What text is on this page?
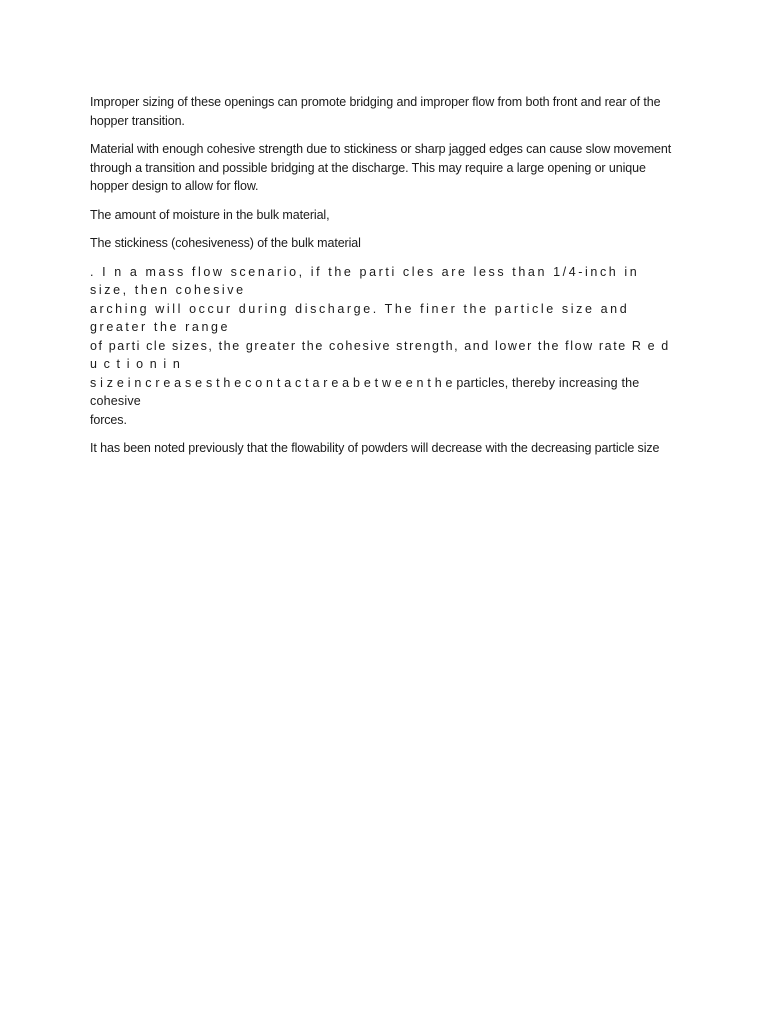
Improper sizing of these openings can promote bridging and improper flow from both front and rear of the hopper transition.

Material with enough cohesive strength due to stickiness or sharp jagged edges can cause slow movement through a transition and possible bridging at the discharge. This may require a large opening or unique hopper design to allow for flow.

The amount of moisture in the bulk material,

The stickiness (cohesiveness) of the bulk material

. I n a mass flow scenario, if the parti cles are less than 1/4-inch in size, then cohesive
arching will occur during discharge. The finer the particle size and greater the range
of parti cle sizes, the greater the cohesive strength, and lower the flow rate R e d u c t i o n i n
s i z e i n c r e a s e s t h e c o n t a c t a r e a b e t w e e n t h e particles, thereby increasing the cohesive
forces.

It has been noted previously that the flowability of powders will decrease with the decreasing particle size
